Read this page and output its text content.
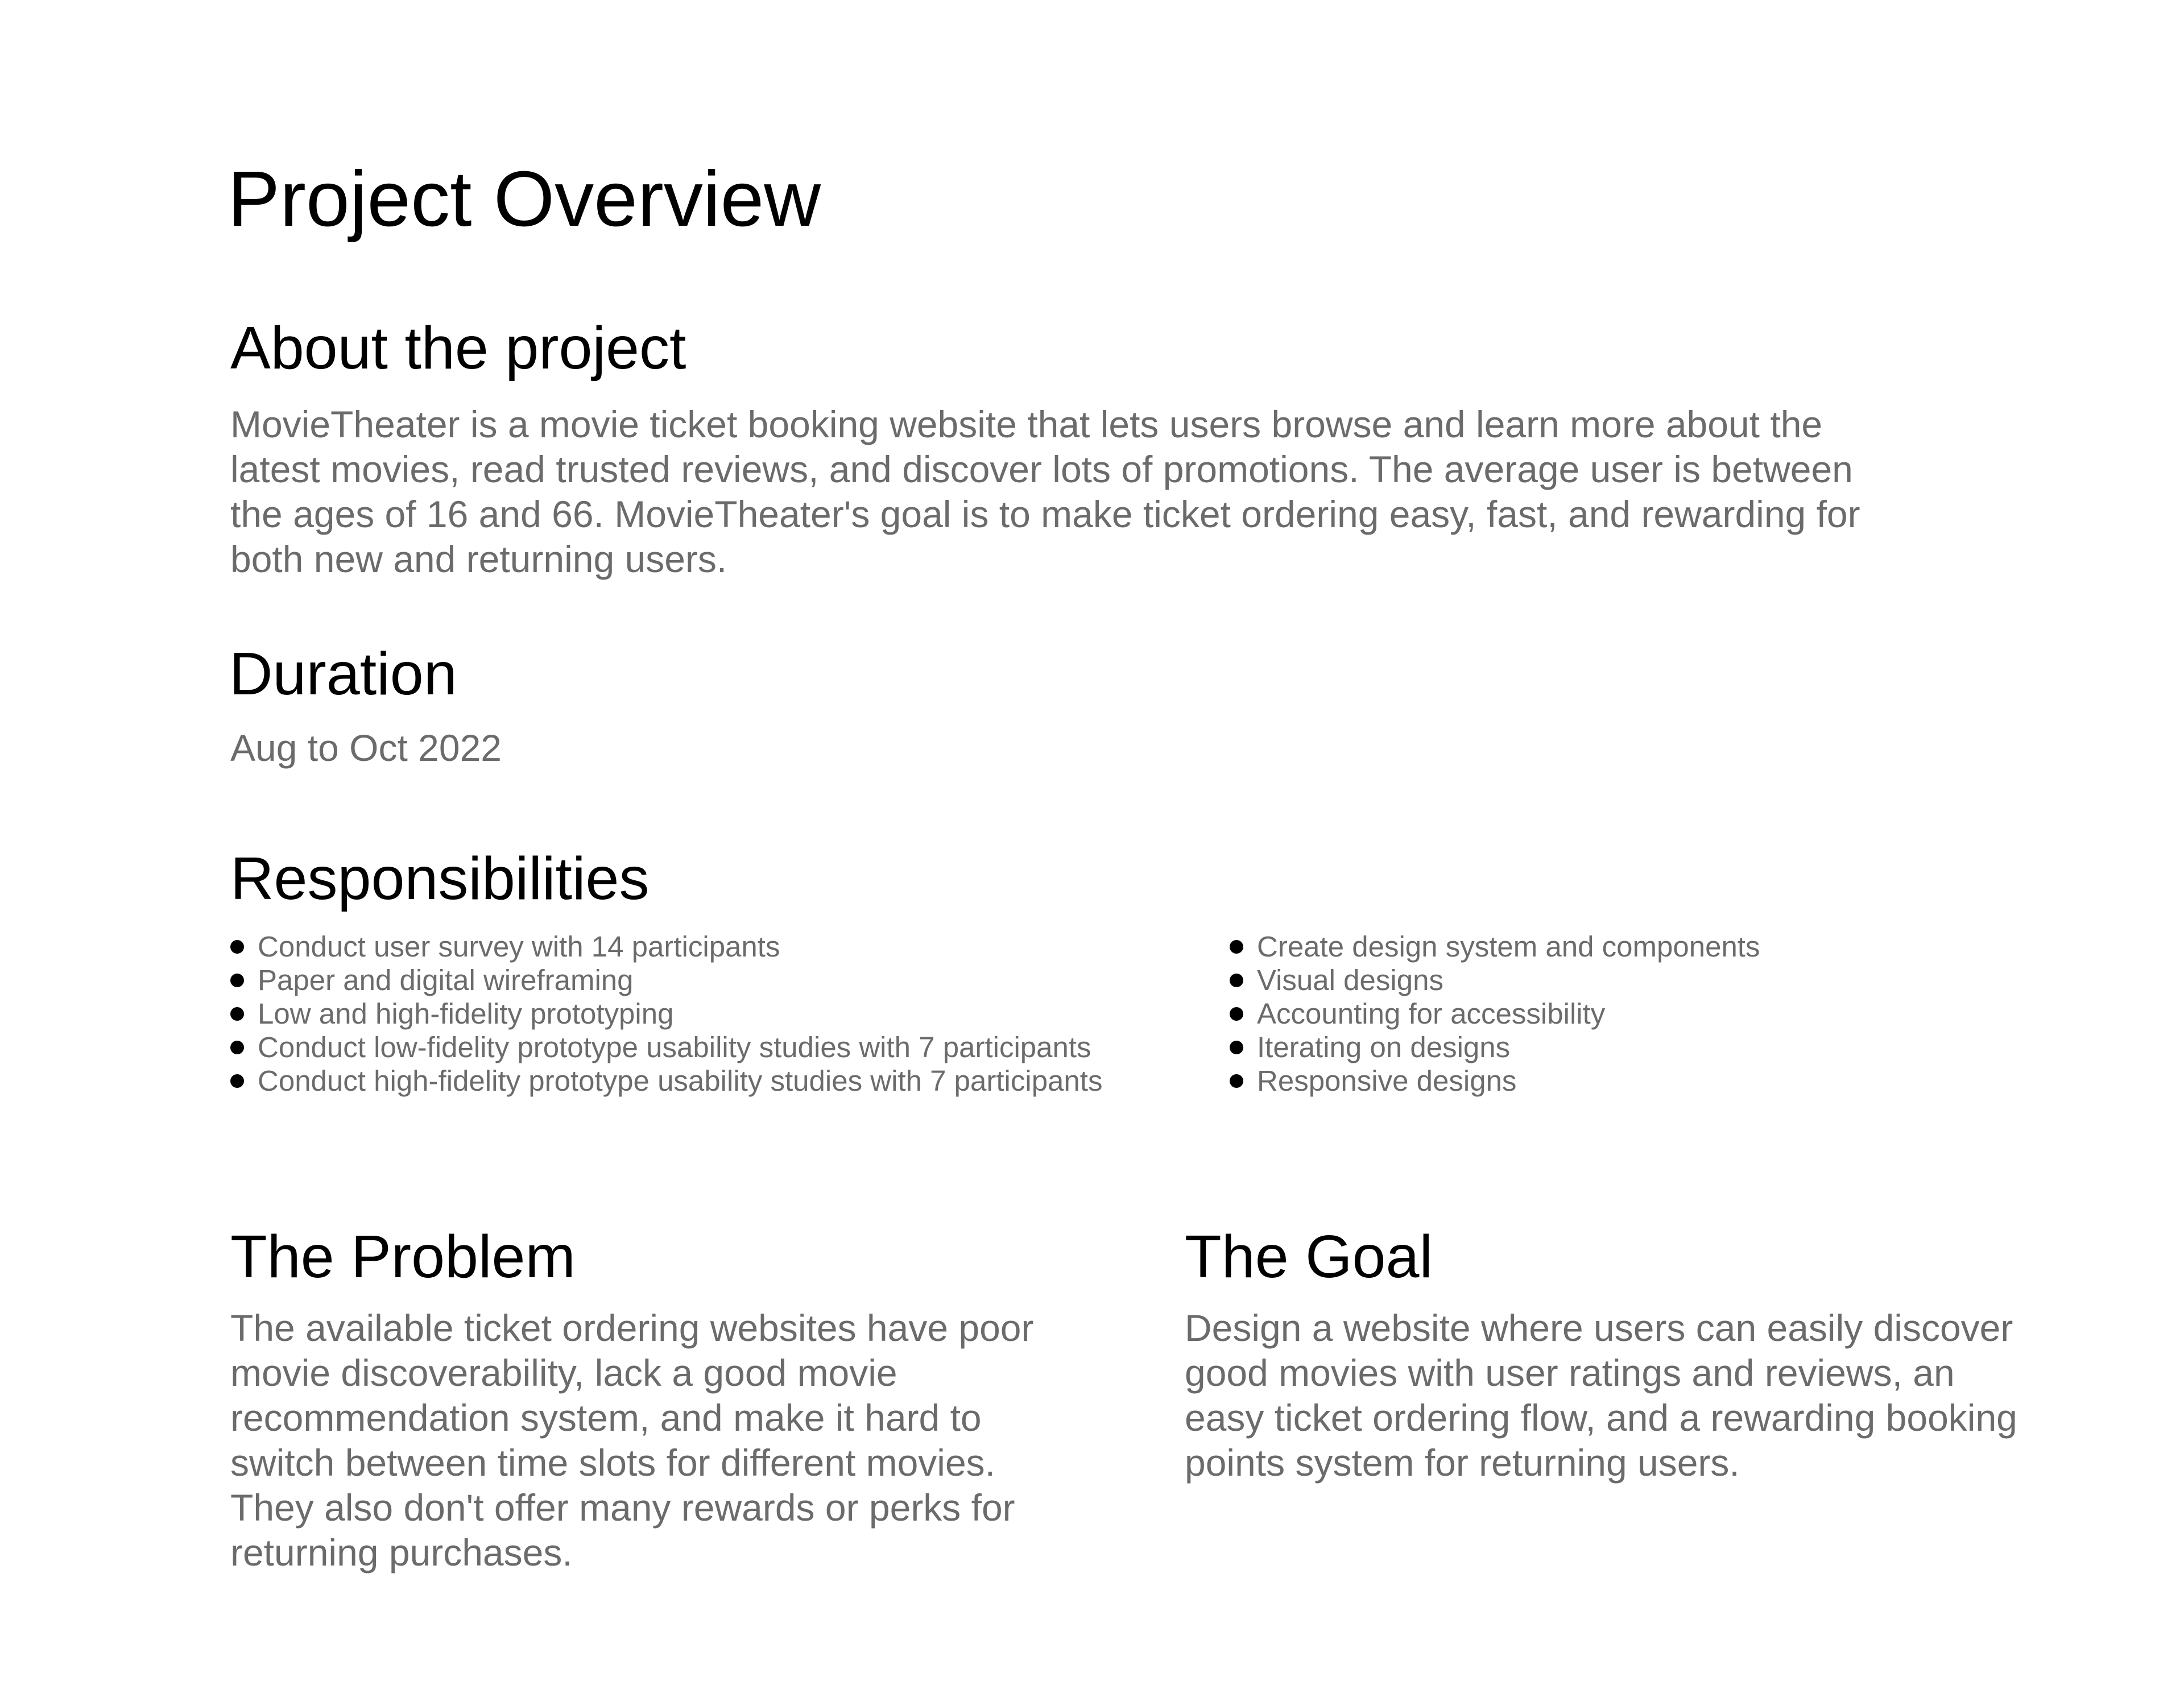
Project Overview
About the project

MovieTheater is a movie ticket booking website that lets users browse and learn more about the latest movies, read trusted reviews, and discover lots of promotions. The average user is between the ages of 16 and 66. MovieTheater's goal is to make ticket ordering easy, fast, and rewarding for both new and returning users.

Duration

Aug to Oct 2022

Responsibilities
Conduct user survey with 14 participants
Paper and digital wireframing
Low and high-fidelity prototyping
Conduct low-fidelity prototype usability studies with 7 participants
Conduct high-fidelity prototype usability studies with 7 participants
Create design system and components
Visual designs
Accounting for accessibility
Iterating on designs
Responsive designs
The Problem

The available ticket ordering websites have poor movie discoverability, lack a good movie recommendation system, and make it hard to switch between time slots for different movies. They also don't offer many rewards or perks for returning purchases.

The Goal

Design a website where users can easily discover good movies with user ratings and reviews, an easy ticket ordering flow, and a rewarding booking points system for returning users.
